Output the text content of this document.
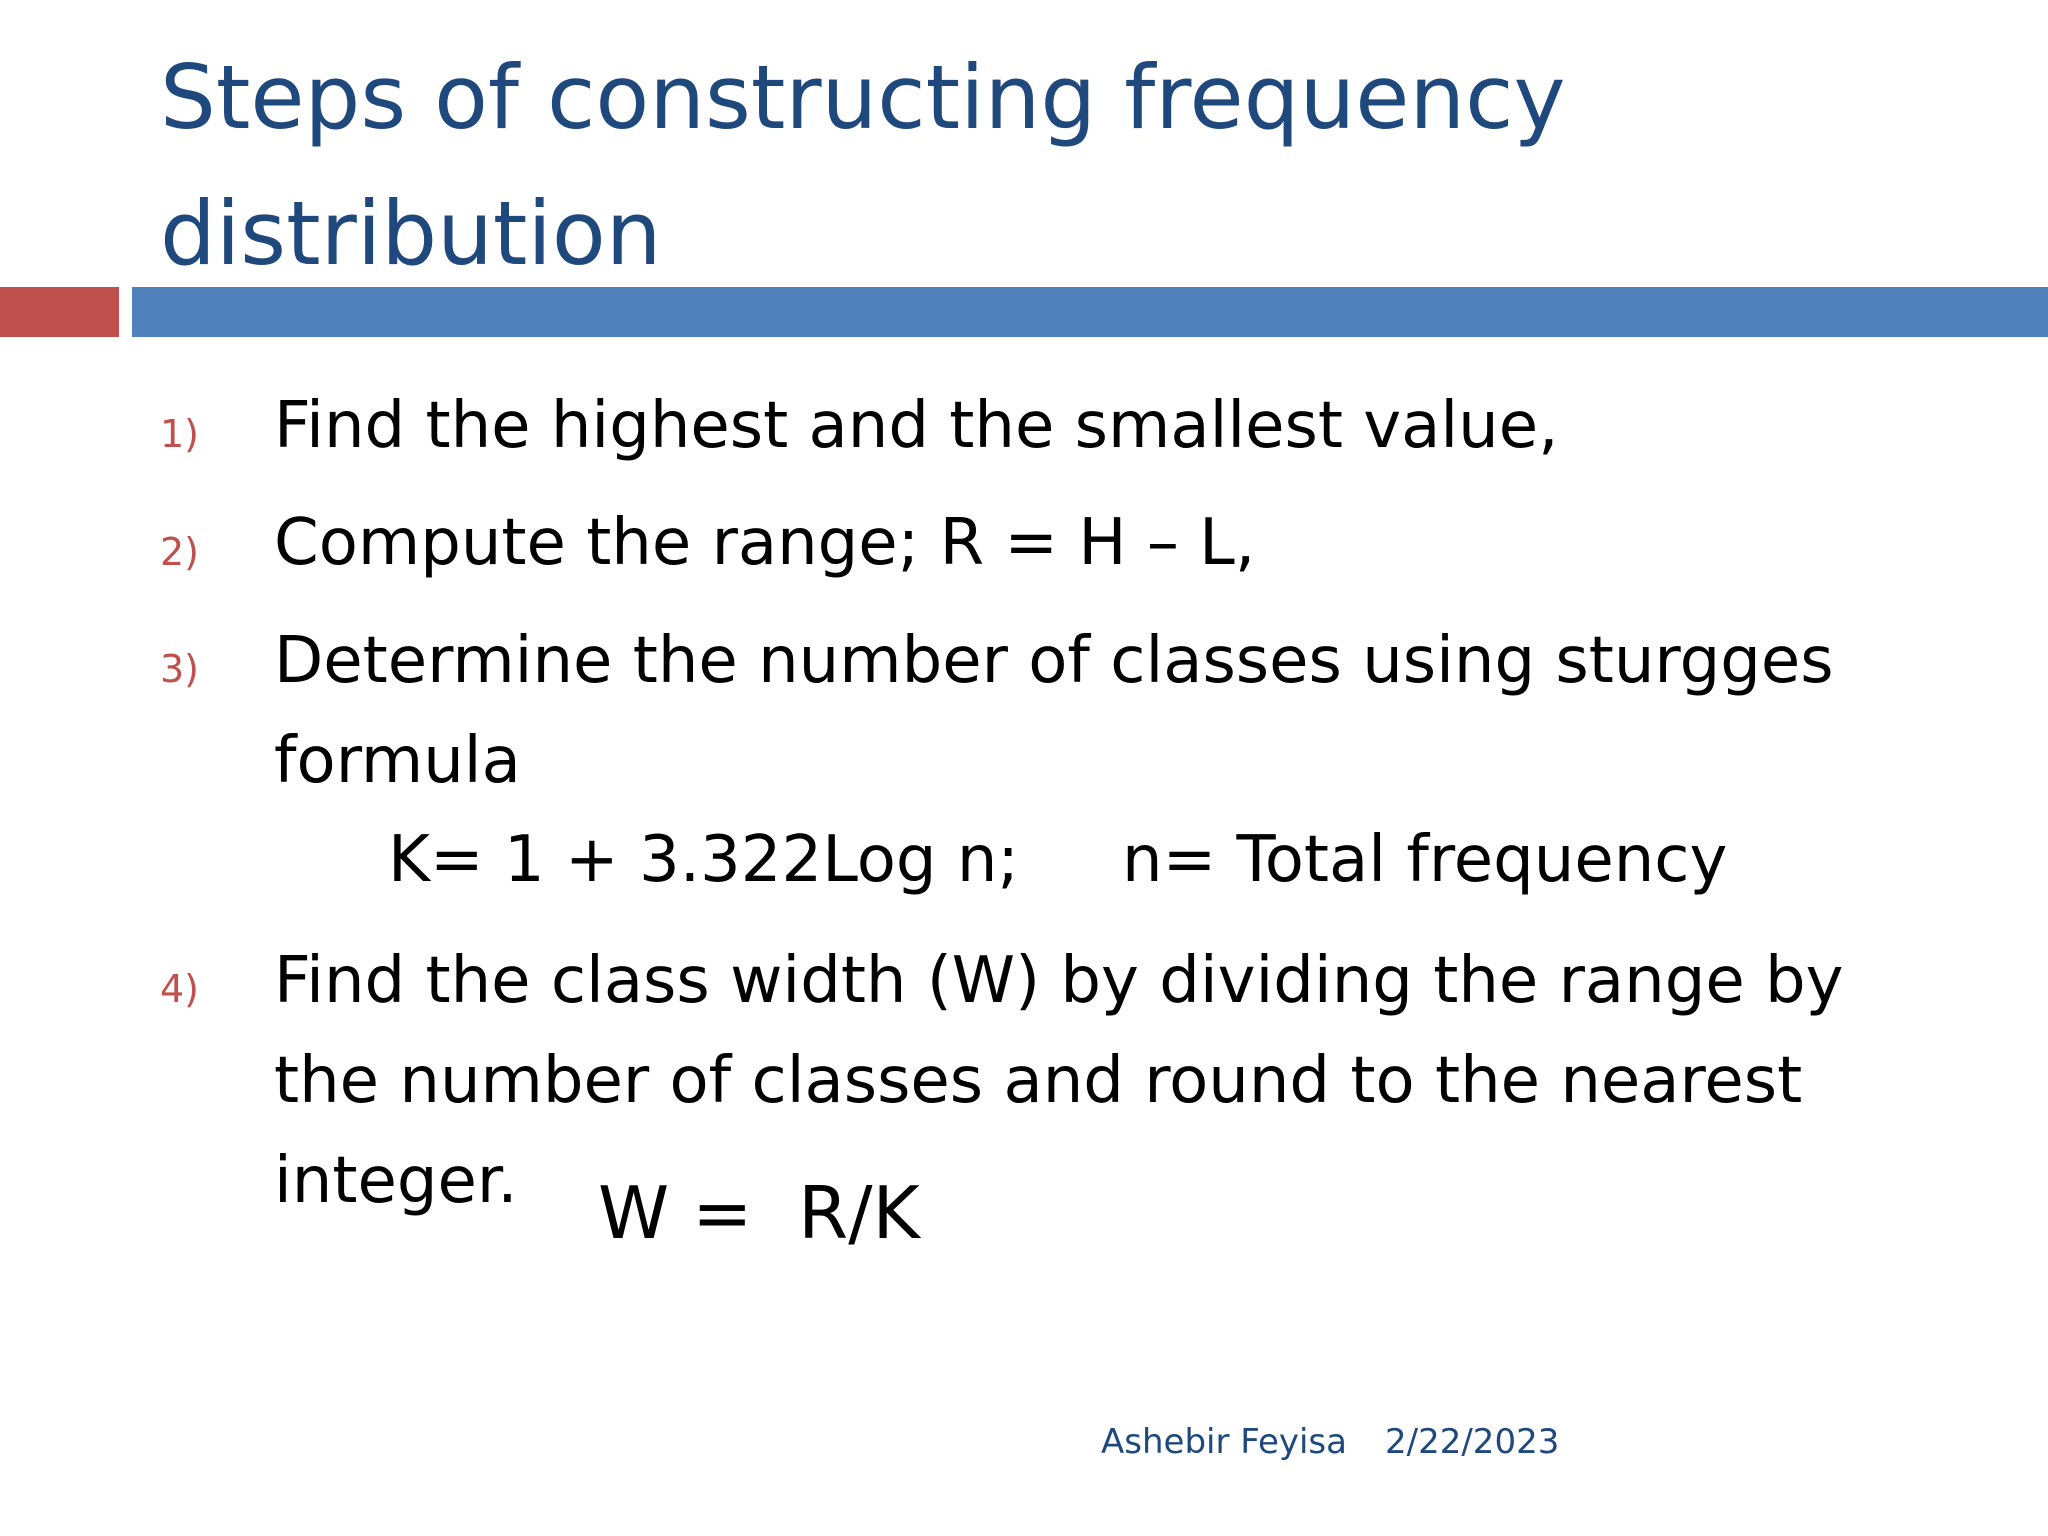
Steps of constructing frequency distribution
1) Find the highest and the smallest value,

2) Compute the range; R = H – L,

3) Determine the number of classes using sturgges formula

K= 1 + 3.322Log n; n= Total frequency
4) Find the class width (W) by dividing the range by the number of classes and round to the nearest integer.	W =  R/K
Ashebir Feyisa 2/22/2023
